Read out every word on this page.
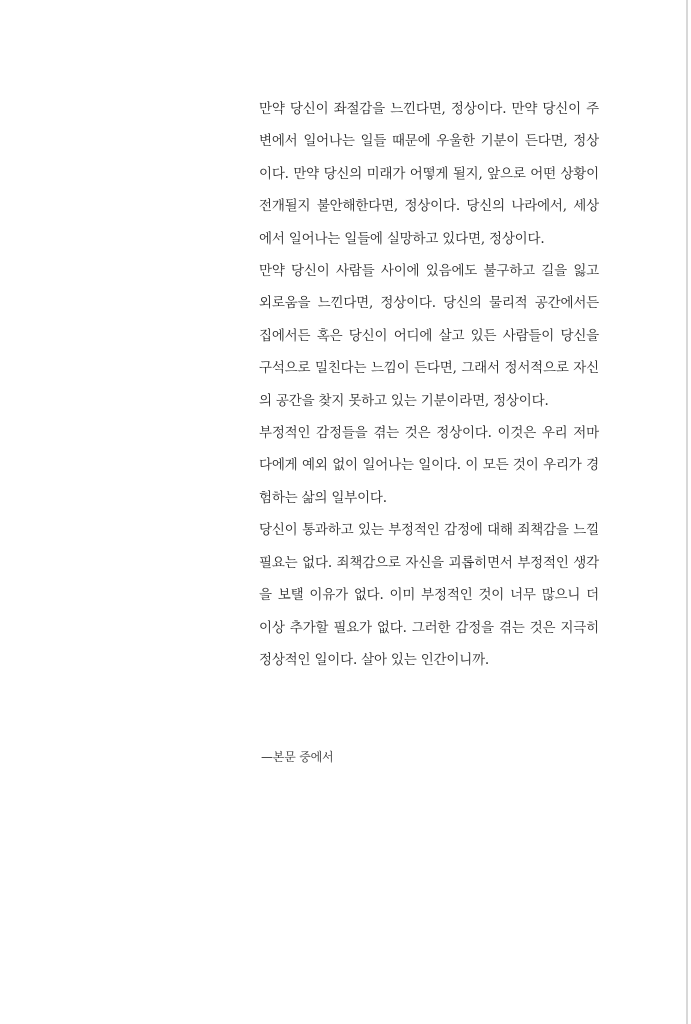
만약 당신이 좌절감을 느낀다면, 정상이다. 만약 당신이 주변에서 일어나는 일들 때문에 우울한 기분이 든다면, 정상이다. 만약 당신의 미래가 어떻게 될지, 앞으로 어떤 상황이 전개될지 불안해한다면, 정상이다. 당신의 나라에서, 세상에서 일어나는 일들에 실망하고 있다면, 정상이다.

만약 당신이 사람들 사이에 있음에도 불구하고 길을 잃고 외로움을 느낀다면, 정상이다. 당신의 물리적 공간에서든 집에서든 혹은 당신이 어디에 살고 있든 사람들이 당신을 구석으로 밀친다는 느낌이 든다면, 그래서 정서적으로 자신의 공간을 찾지 못하고 있는 기분이라면, 정상이다.

부정적인 감정들을 겪는 것은 정상이다. 이것은 우리 저마다에게 예외 없이 일어나는 일이다. 이 모든 것이 우리가 경험하는 삶의 일부이다.

당신이 통과하고 있는 부정적인 감정에 대해 죄책감을 느낄 필요는 없다. 죄책감으로 자신을 괴롭히면서 부정적인 생각을 보탤 이유가 없다. 이미 부정적인 것이 너무 많으니 더 이상 추가할 필요가 없다. 그러한 감정을 겪는 것은 지극히 정상적인 일이다. 살아 있는 인간이니까.

—본문 중에서
